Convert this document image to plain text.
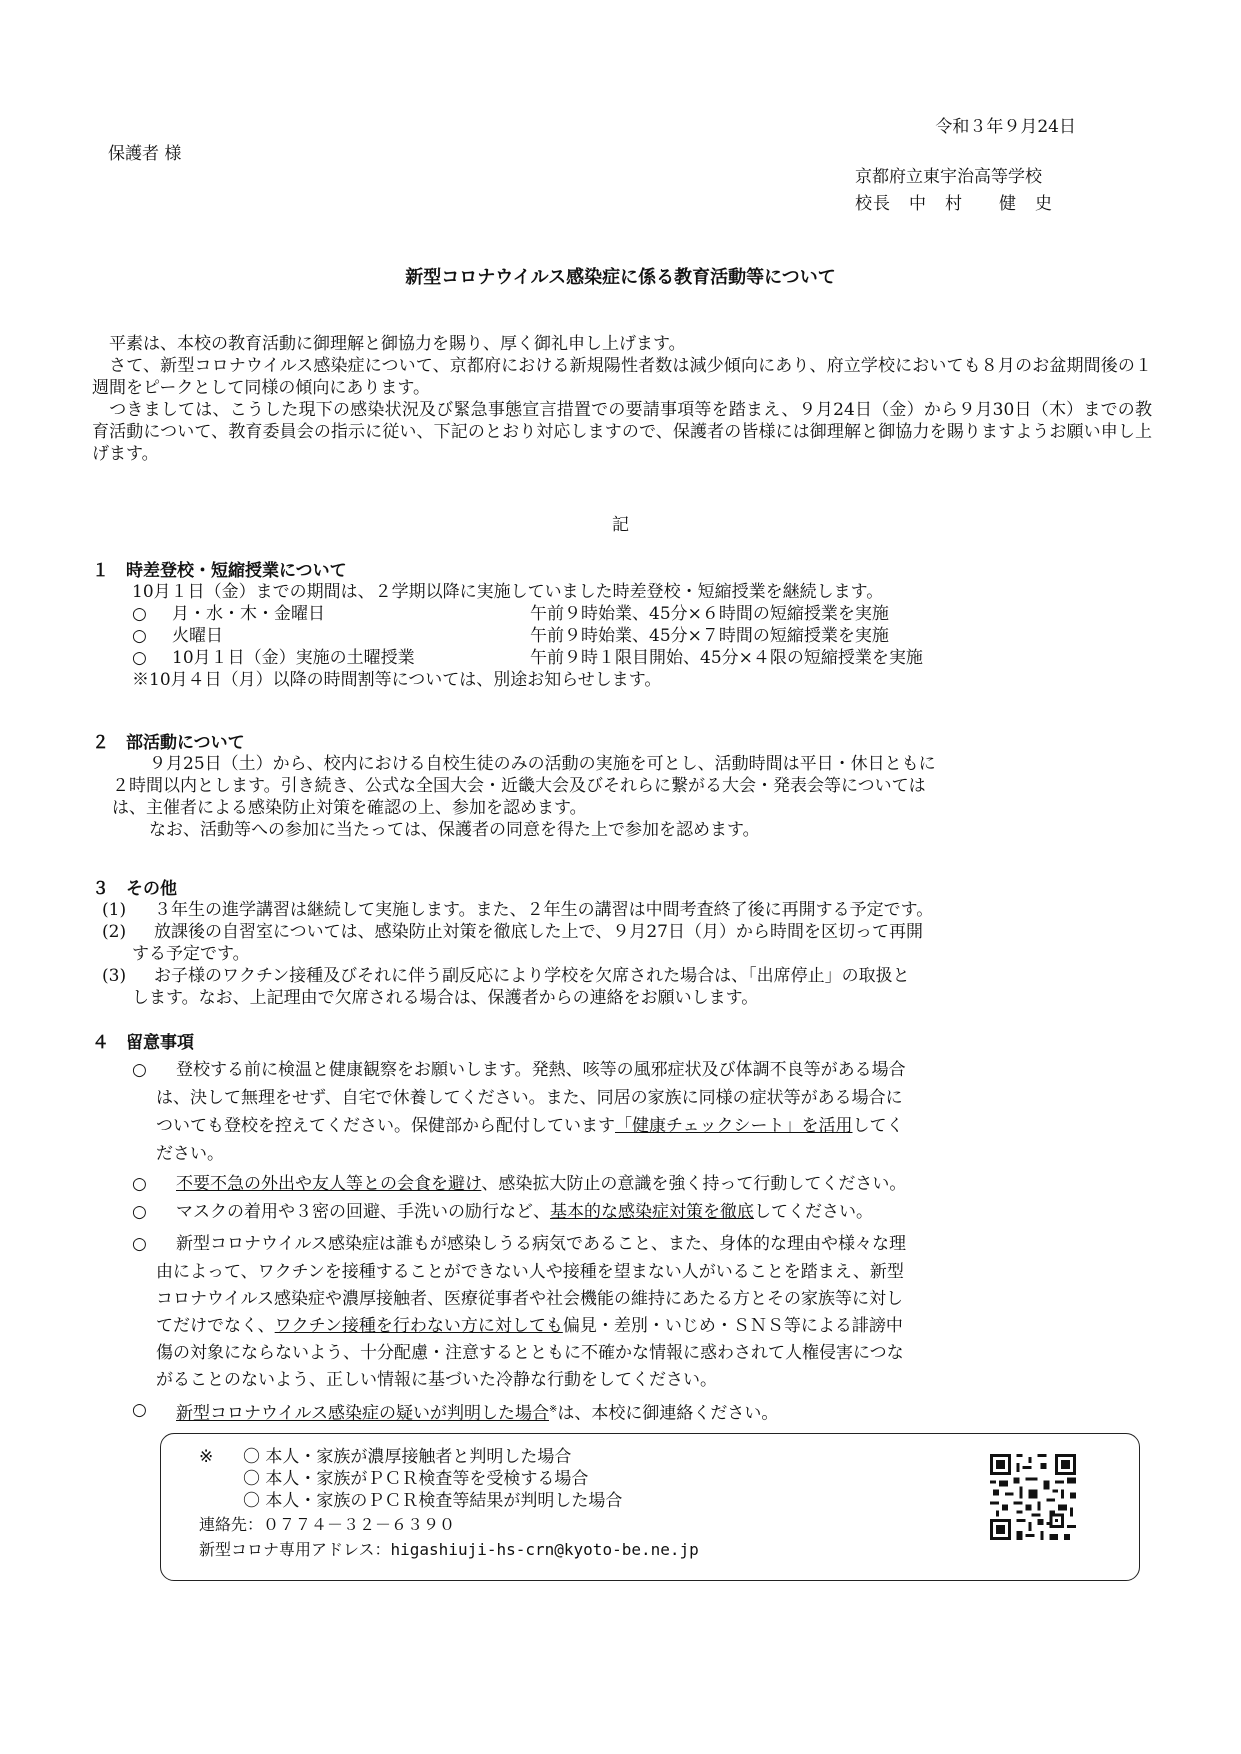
令和３年９月24日
保護者 様
京都府立東宇治高等学校
校長　中　村　　健　史
新型コロナウイルス感染症に係る教育活動等について

　平素は、本校の教育活動に御理解と御協力を賜り、厚く御礼申し上げます。

　さて、新型コロナウイルス感染症について、京都府における新規陽性者数は減少傾向にあり、府立学校においても８月のお盆期間後の１週間をピークとして同様の傾向にあります。

　つきましては、こうした現下の感染状況及び緊急事態宣言措置での要請事項等を踏まえ、９月24日（金）から９月30日（木）までの教育活動について、教育委員会の指示に従い、下記のとおり対応しますので、保護者の皆様には御理解と御協力を賜りますようお願い申し上げます。

記
１　時差登校・短縮授業について
10月１日（金）までの期間は、２学期以降に実施していました時差登校・短縮授業を継続します。
○ 月・水・木・金曜日	午前９時始業、45分×６時間の短縮授業を実施
○ 火曜日	午前９時始業、45分×７時間の短縮授業を実施
○ 10月１日（金）実施の土曜授業	午前９時１限目開始、45分×４限の短縮授業を実施
※10月４日（月）以降の時間割等については、別途お知らせします。
２　部活動について
　９月25日（土）から、校内における自校生徒のみの活動の実施を可とし、活動時間は平日・休日ともに
２時間以内とします。引き続き、公式な全国大会・近畿大会及びそれらに繋がる大会・発表会等については
は、主催者による感染防止対策を確認の上、参加を認めます。
　なお、活動等への参加に当たっては、保護者の同意を得た上で参加を認めます。
３　その他
(1) ３年生の進学講習は継続して実施します。また、２年生の講習は中間考査終了後に再開する予定です。
(2) 放課後の自習室については、感染防止対策を徹底した上で、９月27日（月）から時間を区切って再開
する予定です。
(3) お子様のワクチン接種及びそれに伴う副反応により学校を欠席された場合は、「出席停止」の取扱と
します。なお、上記理由で欠席される場合は、保護者からの連絡をお願いします。
４　留意事項
○ 登校する前に検温と健康観察をお願いします。発熱、咳等の風邪症状及び体調不良等がある場合
は、決して無理をせず、自宅で休養してください。また、同居の家族に同様の症状等がある場合に
ついても登校を控えてください。保健部から配付しています「健康チェックシート」を活用してく
ださい。
○ 不要不急の外出や友人等との会食を避け、感染拡大防止の意識を強く持って行動してください。
○ マスクの着用や３密の回避、手洗いの励行など、基本的な感染症対策を徹底してください。
○ 新型コロナウイルス感染症は誰もが感染しうる病気であること、また、身体的な理由や様々な理
由によって、ワクチンを接種することができない人や接種を望まない人がいることを踏まえ、新型
コロナウイルス感染症や濃厚接触者、医療従事者や社会機能の維持にあたる方とその家族等に対し
てだけでなく、ワクチン接種を行わない方に対しても偏見・差別・いじめ・ＳＮＳ等による誹謗中
傷の対象にならないよう、十分配慮・注意するとともに不確かな情報に惑わされて人権侵害につな
がることのないよう、正しい情報に基づいた冷静な行動をしてください。
○ 新型コロナウイルス感染症の疑いが判明した場合※は、本校に御連絡ください。
※ 〇 本人・家族が濃厚接触者と判明した場合
〇 本人・家族がＰＣＲ検査等を受検する場合
〇 本人・家族のＰＣＲ検査等結果が判明した場合
連絡先：０７７４－３２－６３９０
新型コロナ専用アドレス：higashiuji-hs-crn@kyoto-be.ne.jp
